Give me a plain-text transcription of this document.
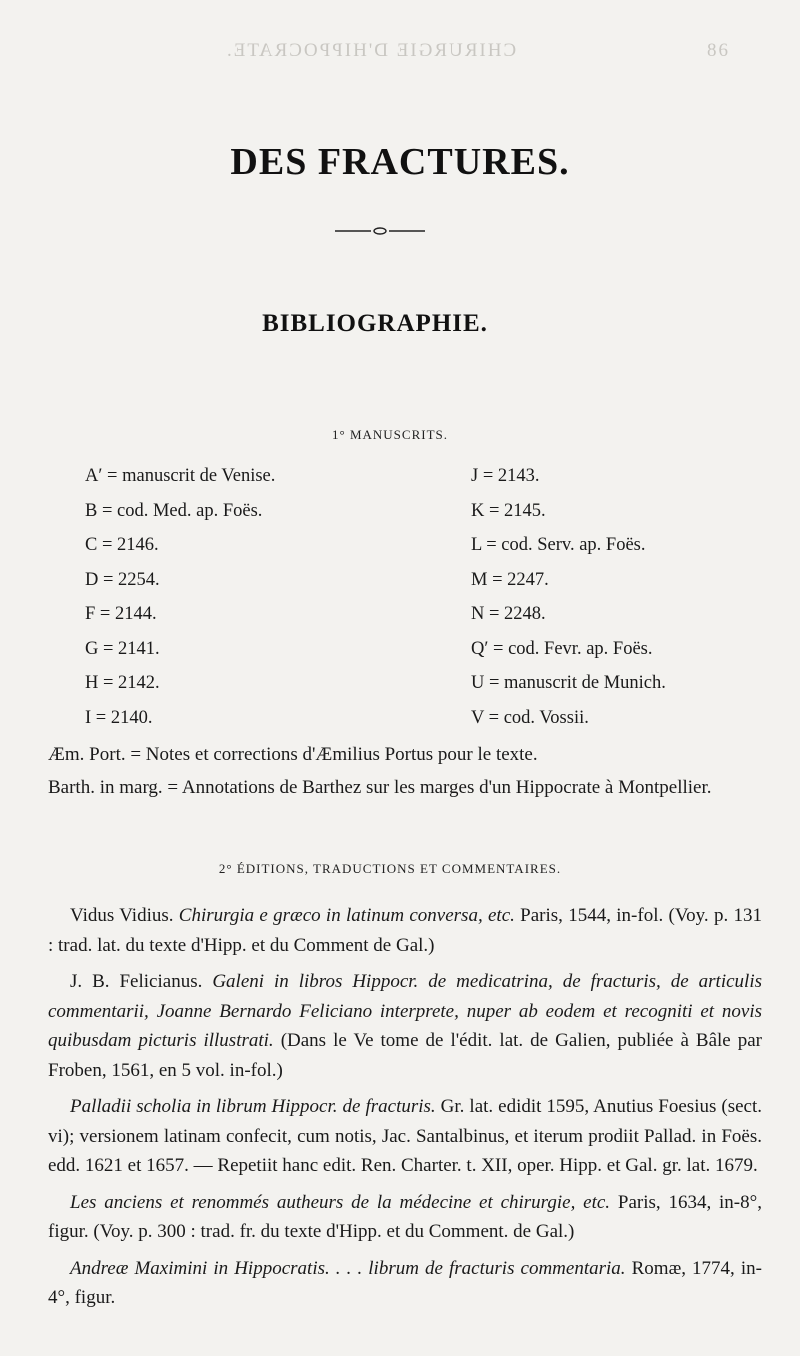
CHIRURGIE D'HIPPOCRATE.	86
DES FRACTURES.
BIBLIOGRAPHIE.
1° MANUSCRITS.
A′ = manuscrit de Venise.	J = 2143.
B = cod. Med. ap. Foës.	K = 2145.
C = 2146.	L = cod. Serv. ap. Foës.
D = 2254.	M = 2247.
F = 2144.	N = 2248.
G = 2141.	Q′ = cod. Fevr. ap. Foës.
H = 2142.	U = manuscrit de Munich.
I = 2140.	V = cod. Vossii.
Æm. Port. = Notes et corrections d'Æmilius Portus pour le texte.
Barth. in marg. = Annotations de Barthez sur les marges d'un Hippocrate à Montpellier.
2° ÉDITIONS, TRADUCTIONS ET COMMENTAIRES.

Vidus Vidius. Chirurgia e græco in latinum conversa, etc. Paris, 1544, in-fol. (Voy. p. 131 : trad. lat. du texte d'Hipp. et du Comment de Gal.)

J. B. Felicianus. Galeni in libros Hippocr. de medicatrina, de fracturis, de articulis commentarii, Joanne Bernardo Feliciano interprete, nuper ab eodem et recogniti et novis quibusdam picturis illustrati. (Dans le Ve tome de l'édit. lat. de Galien, publiée à Bâle par Froben, 1561, en 5 vol. in-fol.)

Palladii scholia in librum Hippocr. de fracturis. Gr. lat. edidit 1595, Anutius Foesius (sect. vi); versionem latinam confecit, cum notis, Jac. Santalbinus, et iterum prodiit Pallad. in Foës. edd. 1621 et 1657. — Repetiit hanc edit. Ren. Charter. t. XII, oper. Hipp. et Gal. gr. lat. 1679.

Les anciens et renommés autheurs de la médecine et chirurgie, etc. Paris, 1634, in-8°, figur. (Voy. p. 300 : trad. fr. du texte d'Hipp. et du Comment. de Gal.)

Andreæ Maximini in Hippocratis. . . . librum de fracturis commentaria. Romæ, 1774, in-4°, figur.
